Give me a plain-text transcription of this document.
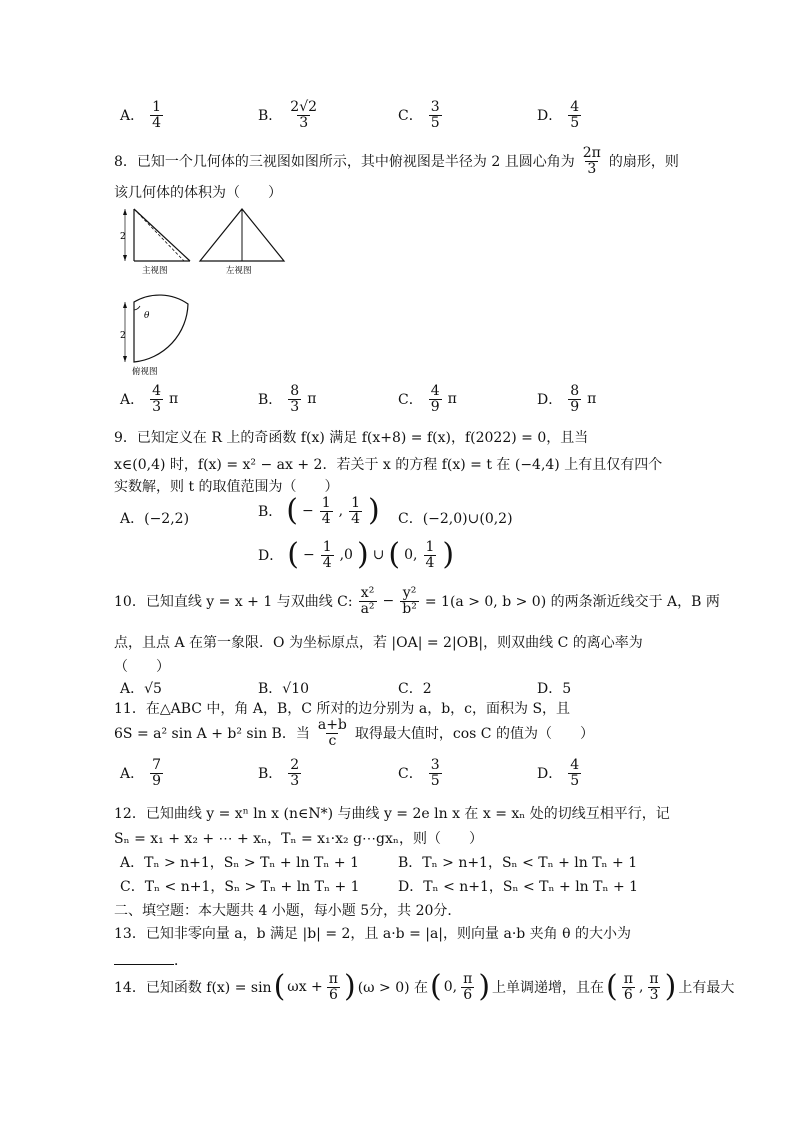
A． $\frac{1}{4}$	B． $\frac{2√2}{3}$	C． $\frac{3}{5}$	D． $\frac{4}{5}$
8．已知一个几何体的三视图如图所示，其中俯视图是半径为 2 且圆心角为 $\frac{2\pi}{3}$ 的扇形，则
该几何体的体积为（　　）
2
主视图	左视图
θ
2
俯视图
A． $\frac{4}{3}$ π	B． $\frac{8}{3}$ π	C． $\frac{4}{9}$ π	D． $\frac{8}{9}$ π
9．已知定义在 R 上的奇函数 f(x) 满足 f(x+8) = f(x)，f(2022) = 0，且当
x∈(0,4) 时，f(x) = x² − ax + 2．若关于 x 的方程 f(x) = t 在 (−4,4) 上有且仅有四个
实数解，则 t 的取值范围为（　　）
A．(−2,2)	B． ( − $\frac{1}{4}$ , $\frac{1}{4}$ ) C．(−2,0)∪(0,2)
D． ( − $\frac{1}{4} ,0$ ) ∪ ( 0, $\frac{1}{4}$ )
10．已知直线 y = x + 1 与双曲线 C: $\frac{\text{x²}}{\text{a²}} - \frac{\text{y²}}{\text{b²}} = 1(a > 0$, b > 0) 的两条渐近线交于 A，B 两
点，且点 A 在第一象限．O 为坐标原点，若 |OA| = 2|OB|，则双曲线 C 的离心率为
（　　）
A．√5	B．√10	C．2	D．5
11．在△ABC 中，角 A，B，C 所对的边分别为 a，b，c，面积为 S，且
6S = a² sin A + b² sin B．当 $\frac{a+b}{c}$ 取得最大值时，cos C 的值为（　　）
A． $\frac{7}{9}$	B． $\frac{2}{3}$	C． $\frac{3}{5}$	D． $\frac{4}{5}$
12．已知曲线 y = xⁿ ln x (n∈N*) 与曲线 y = 2e ln x 在 x = xₙ 处的切线互相平行，记
Sₙ = x₁ + x₂ + ⋯ + xₙ，Tₙ = x₁·x₂ g⋯gxₙ，则（　　）
A．Tₙ > n+1，Sₙ > Tₙ + ln Tₙ + 1	B．Tₙ > n+1，Sₙ < Tₙ + ln Tₙ + 1
C．Tₙ < n+1，Sₙ > Tₙ + ln Tₙ + 1	D．Tₙ < n+1，Sₙ < Tₙ + ln Tₙ + 1
二、填空题：本大题共 4 小题，每小题 5分，共 20分．
13．已知非零向量 a，b 满足 |b| = 2，且 a·b = |a|，则向量 a·b 夹角 θ 的大小为
．
14．已知函数 f(x) = sin ( $\omega x + \frac{\pi}{6}$ ) (ω > 0) 在 ( 0, $\frac{\pi}{6}$ ) 上单调递增，且在 ( $\frac{\pi}{6}$ , $\frac{\pi}{3}$ ) 上有最大
